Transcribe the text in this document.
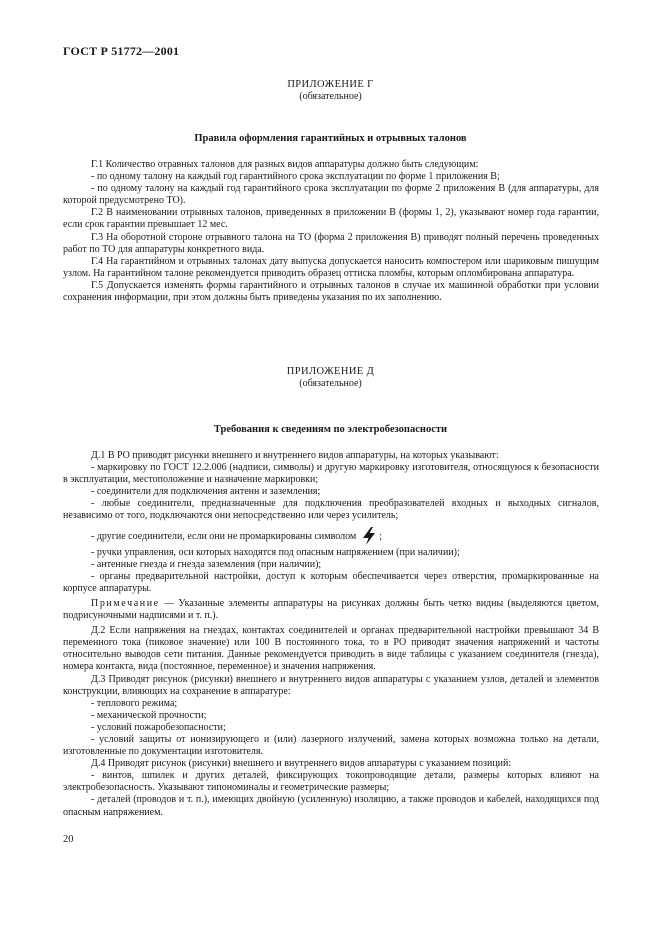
ГОСТ Р 51772—2001
ПРИЛОЖЕНИЕ Г
(обязательное)
Правила оформления гарантийных и отрывных талонов

Г.1 Количество отравных талонов для разных видов аппаратуры должно быть следующим:

- по одному талону на каждый год гарантийного срока эксплуатации по форме 1 приложения В;

- по одному талону на каждый год гарантийного срока эксплуатации по форме 2 приложения В (для аппаратуры, для которой предусмотрено ТО).

Г.2 В наименовании отрывных талонов, приведенных в приложении В (формы 1, 2), указывают номер года гарантии, если срок гарантии превышает 12 мес.

Г.3 На оборотной стороне отрывного талона на ТО (форма 2 приложения В) приводят полный перечень проведенных работ по ТО для аппаратуры конкретного вида.

Г.4 На гарантийном и отрывных талонах дату выпуска допускается наносить компостером или шариковым пишущим узлом. На гарантийном талоне рекомендуется приводить образец оттиска пломбы, которым опломбирована аппаратура.

Г.5 Допускается изменять формы гарантийного и отрывных талонов в случае их машинной обработки при условии сохранения информации, при этом должны быть приведены указания по их заполнению.

ПРИЛОЖЕНИЕ Д
(обязательное)
Требования к сведениям по электробезопасности

Д.1 В РО приводят рисунки внешнего и внутреннего видов аппаратуры, на которых указывают:

- маркировку по ГОСТ 12.2.006 (надписи, символы) и другую маркировку изготовителя, относящуюся к безопасности в эксплуатации, местоположение и назначение маркировки;

- соединители для подключения антенн и заземления;

- любые соединители, предназначенные для подключения преобразователей входных и выходных сигналов, независимо от того, подключаются они непосредственно или через усилитель;

- другие соединители, если они не промаркированы символом ;

- ручки управления, оси которых находятся под опасным напряжением (при наличии);

- антенные гнезда и гнезда заземления (при наличии);

- органы предварительной настройки, доступ к которым обеспечивается через отверстия, промаркированные на корпусе аппаратуры.

Примечание — Указанные элементы аппаратуры на рисунках должны быть четко видны (выделяются цветом, подрисуночными надписями и т. п.).

Д.2 Если напряжения на гнездах, контактах соединителей и органах предварительной настройки превышают 34 В переменного тока (пиковое значение) или 100 В постоянного тока, то в РО приводят значения напряжений и частоты относительно выводов сети питания. Данные рекомендуется приводить в виде таблицы с указанием соединителя (гнезда), номера контакта, вида (постоянное, переменное) и значения напряжения.

Д.3 Приводят рисунок (рисунки) внешнего и внутреннего видов аппаратуры с указанием узлов, деталей и элементов конструкции, влияющих на сохранение в аппаратуре:

- теплового режима;

- механической прочности;

- условий пожаробезопасности;

- условий защиты от ионизирующего и (или) лазерного излучений, замена которых возможна только на детали, изготовленные по документации изготовителя.

Д.4 Приводят рисунок (рисунки) внешнего и внутреннего видов аппаратуры с указанием позиций:

- винтов, шпилек и других деталей, фиксирующих токопроводящие детали, размеры которых влияют на электробезопасность. Указывают типономиналы и геометрические размеры;

- деталей (проводов и т. п.), имеющих двойную (усиленную) изоляцию, а также проводов и кабелей, находящихся под опасным напряжением.

20
